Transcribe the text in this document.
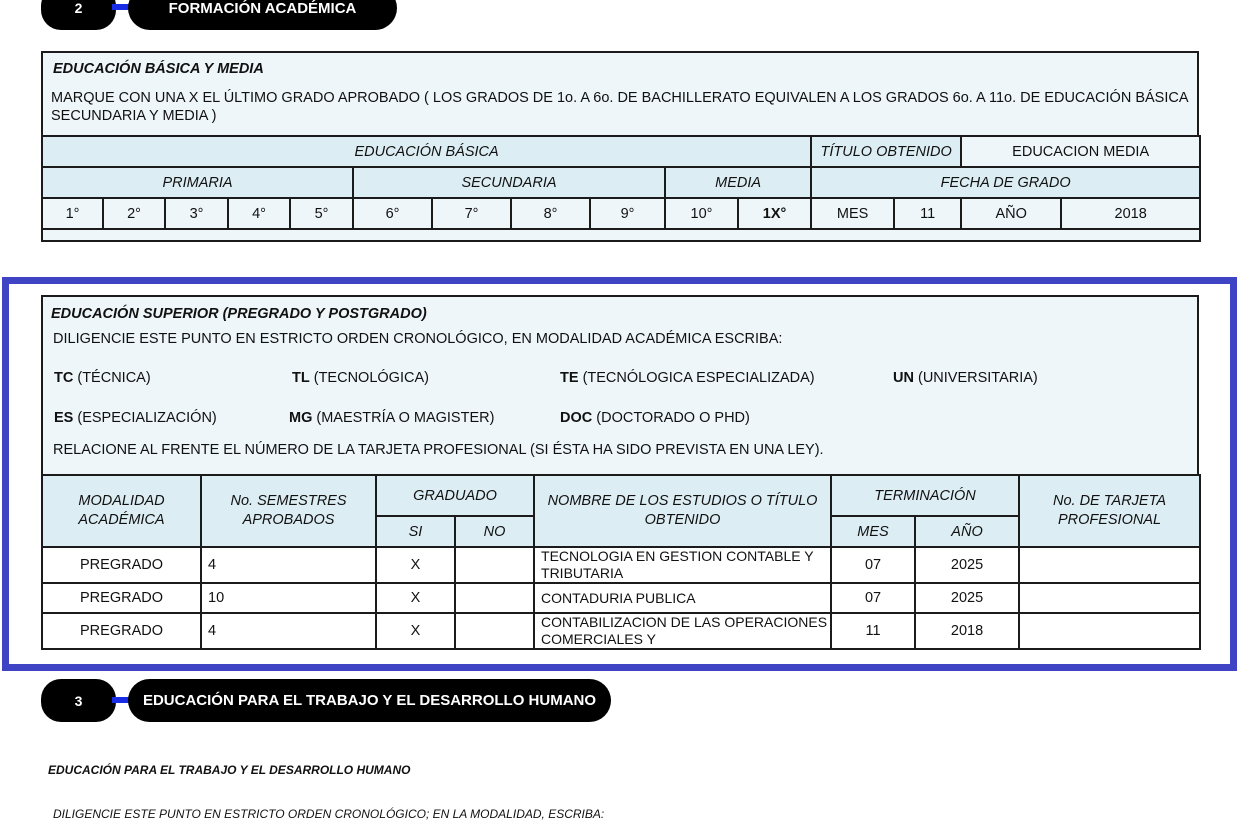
2	FORMACIÓN ACADÉMICA
EDUCACIÓN BÁSICA Y MEDIA
MARQUE CON UNA X EL ÚLTIMO GRADO APROBADO ( LOS GRADOS DE 1o. A 6o. DE BACHILLERATO EQUIVALEN A LOS GRADOS 6o. A 11o. DE EDUCACIÓN BÁSICA
SECUNDARIA Y MEDIA )
EDUCACIÓN BÁSICA											TÍTULO OBTENIDO		EDUCACION MEDIA	
PRIMARIA					SECUNDARIA				MEDIA		FECHA DE GRADO			
1°	2°	3°	4°	5°	6°	7°	8°	9°	10°	1X°	MES	11	AÑO	2018

EDUCACIÓN SUPERIOR (PREGRADO Y POSTGRADO)
DILIGENCIE ESTE PUNTO EN ESTRICTO ORDEN CRONOLÓGICO, EN MODALIDAD ACADÉMICA ESCRIBA:
TC (TÉCNICA)	TL (TECNOLÓGICA)	TE (TECNÓLOGICA ESPECIALIZADA)	UN (UNIVERSITARIA)
ES (ESPECIALIZACIÓN)	MG (MAESTRÍA O MAGISTER)	DOC (DOCTORADO O PHD)
RELACIONE AL FRENTE EL NÚMERO DE LA TARJETA PROFESIONAL (SI ÉSTA HA SIDO PREVISTA EN UNA LEY).
MODALIDAD ACADÉMICA	No. SEMESTRES APROBADOS	GRADUADO		NOMBRE DE LOS ESTUDIOS O TÍTULO OBTENIDO	TERMINACIÓN		No. DE TARJETA PROFESIONAL
		SI	NO		MES	AÑO	
PREGRADO	4	X		TECNOLOGIA EN GESTION CONTABLE Y TRIBUTARIA	07	2025	
PREGRADO	10	X		CONTADURIA PUBLICA	07	2025	
PREGRADO	4	X		CONTABILIZACION DE LAS OPERACIONES COMERCIALES Y	11	2018	
3	EDUCACIÓN PARA EL TRABAJO Y EL DESARROLLO HUMANO
EDUCACIÓN PARA EL TRABAJO Y EL DESARROLLO HUMANO
DILIGENCIE ESTE PUNTO EN ESTRICTO ORDEN CRONOLÓGICO; EN LA MODALIDAD, ESCRIBA:
